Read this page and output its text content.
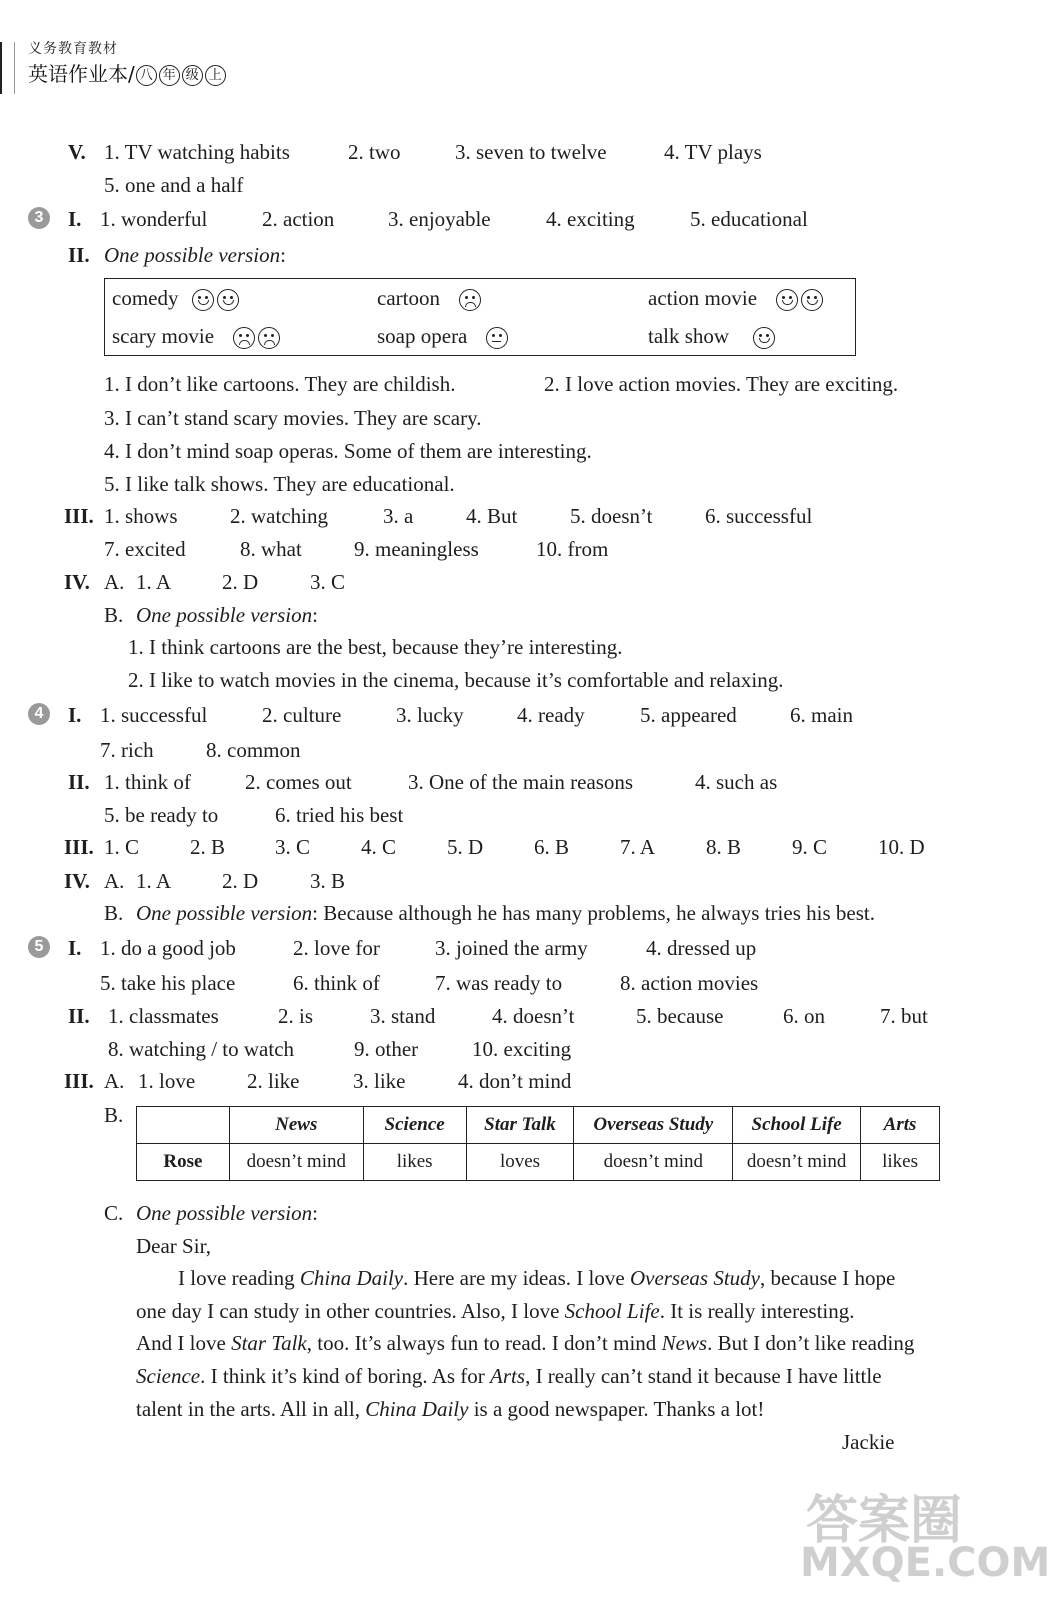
义务教育教材
英语作业本/ 八 年 级 上
V. 1. TV watching habits	2. two	3. seven to twelve	4. TV plays
5. one and a half
3	I. 1. wonderful	2. action	3. enjoyable	4. exciting	5. educational
II. One possible version:
comedy	cartoon	action movie
scary movie	soap opera	talk show
1. I don’t like cartoons. They are childish.	2. I love action movies. They are exciting.
3. I can’t stand scary movies. They are scary.
4. I don’t mind soap operas. Some of them are interesting.
5. I like talk shows. They are educational.
III. 1. shows 2. watching	3. a	4. But	5. doesn’t	6. successful
7. excited	8. what 9. meaningless	10. from
IV. A. 1. A 2. D 3. C
B. One possible version:
1. I think cartoons are the best, because they’re interesting.
2. I like to watch movies in the cinema, because it’s comfortable and relaxing.
4	I. 1. successful	2. culture	3. lucky	4. ready	5. appeared	6. main
7. rich 8. common
II. 1. think of	2. comes out	3. One of the main reasons	4. such as
5. be ready to	6. tried his best
III. 1. C 2. B 3. C 4. C 5. D 6. B 7. A 8. B 9. C 10. D
IV. A. 1. A 2. D 3. B
B. One possible version: Because although he has many problems, he always tries his best.
5	I. 1. do a good job	2. love for	3. joined the army	4. dressed up
5. take his place	6. think of	7. was ready to	8. action movies
II. 1. classmates	2. is	3. stand	4. doesn’t	5. because	6. on	7. but
8. watching / to watch	9. other	10. exciting
III. A. 1. love 2. like	3. like	4. don’t mind
B.
		News	Science	Star Talk	Overseas Study	School Life	Arts
Rose	doesn’t mind	likes	loves	doesn’t mind	doesn’t mind	likes
C. One possible version:
Dear Sir,
I love reading China Daily. Here are my ideas. I love Overseas Study, because I hope
one day I can study in other countries. Also, I love School Life. It is really interesting.
And I love Star Talk, too. It’s always fun to read. I don’t mind News. But I don’t like reading
Science. I think it’s kind of boring. As for Arts, I really can’t stand it because I have little
talent in the arts. All in all, China Daily is a good newspaper. Thanks a lot!
Jackie
答案圈
MXQE.COM
